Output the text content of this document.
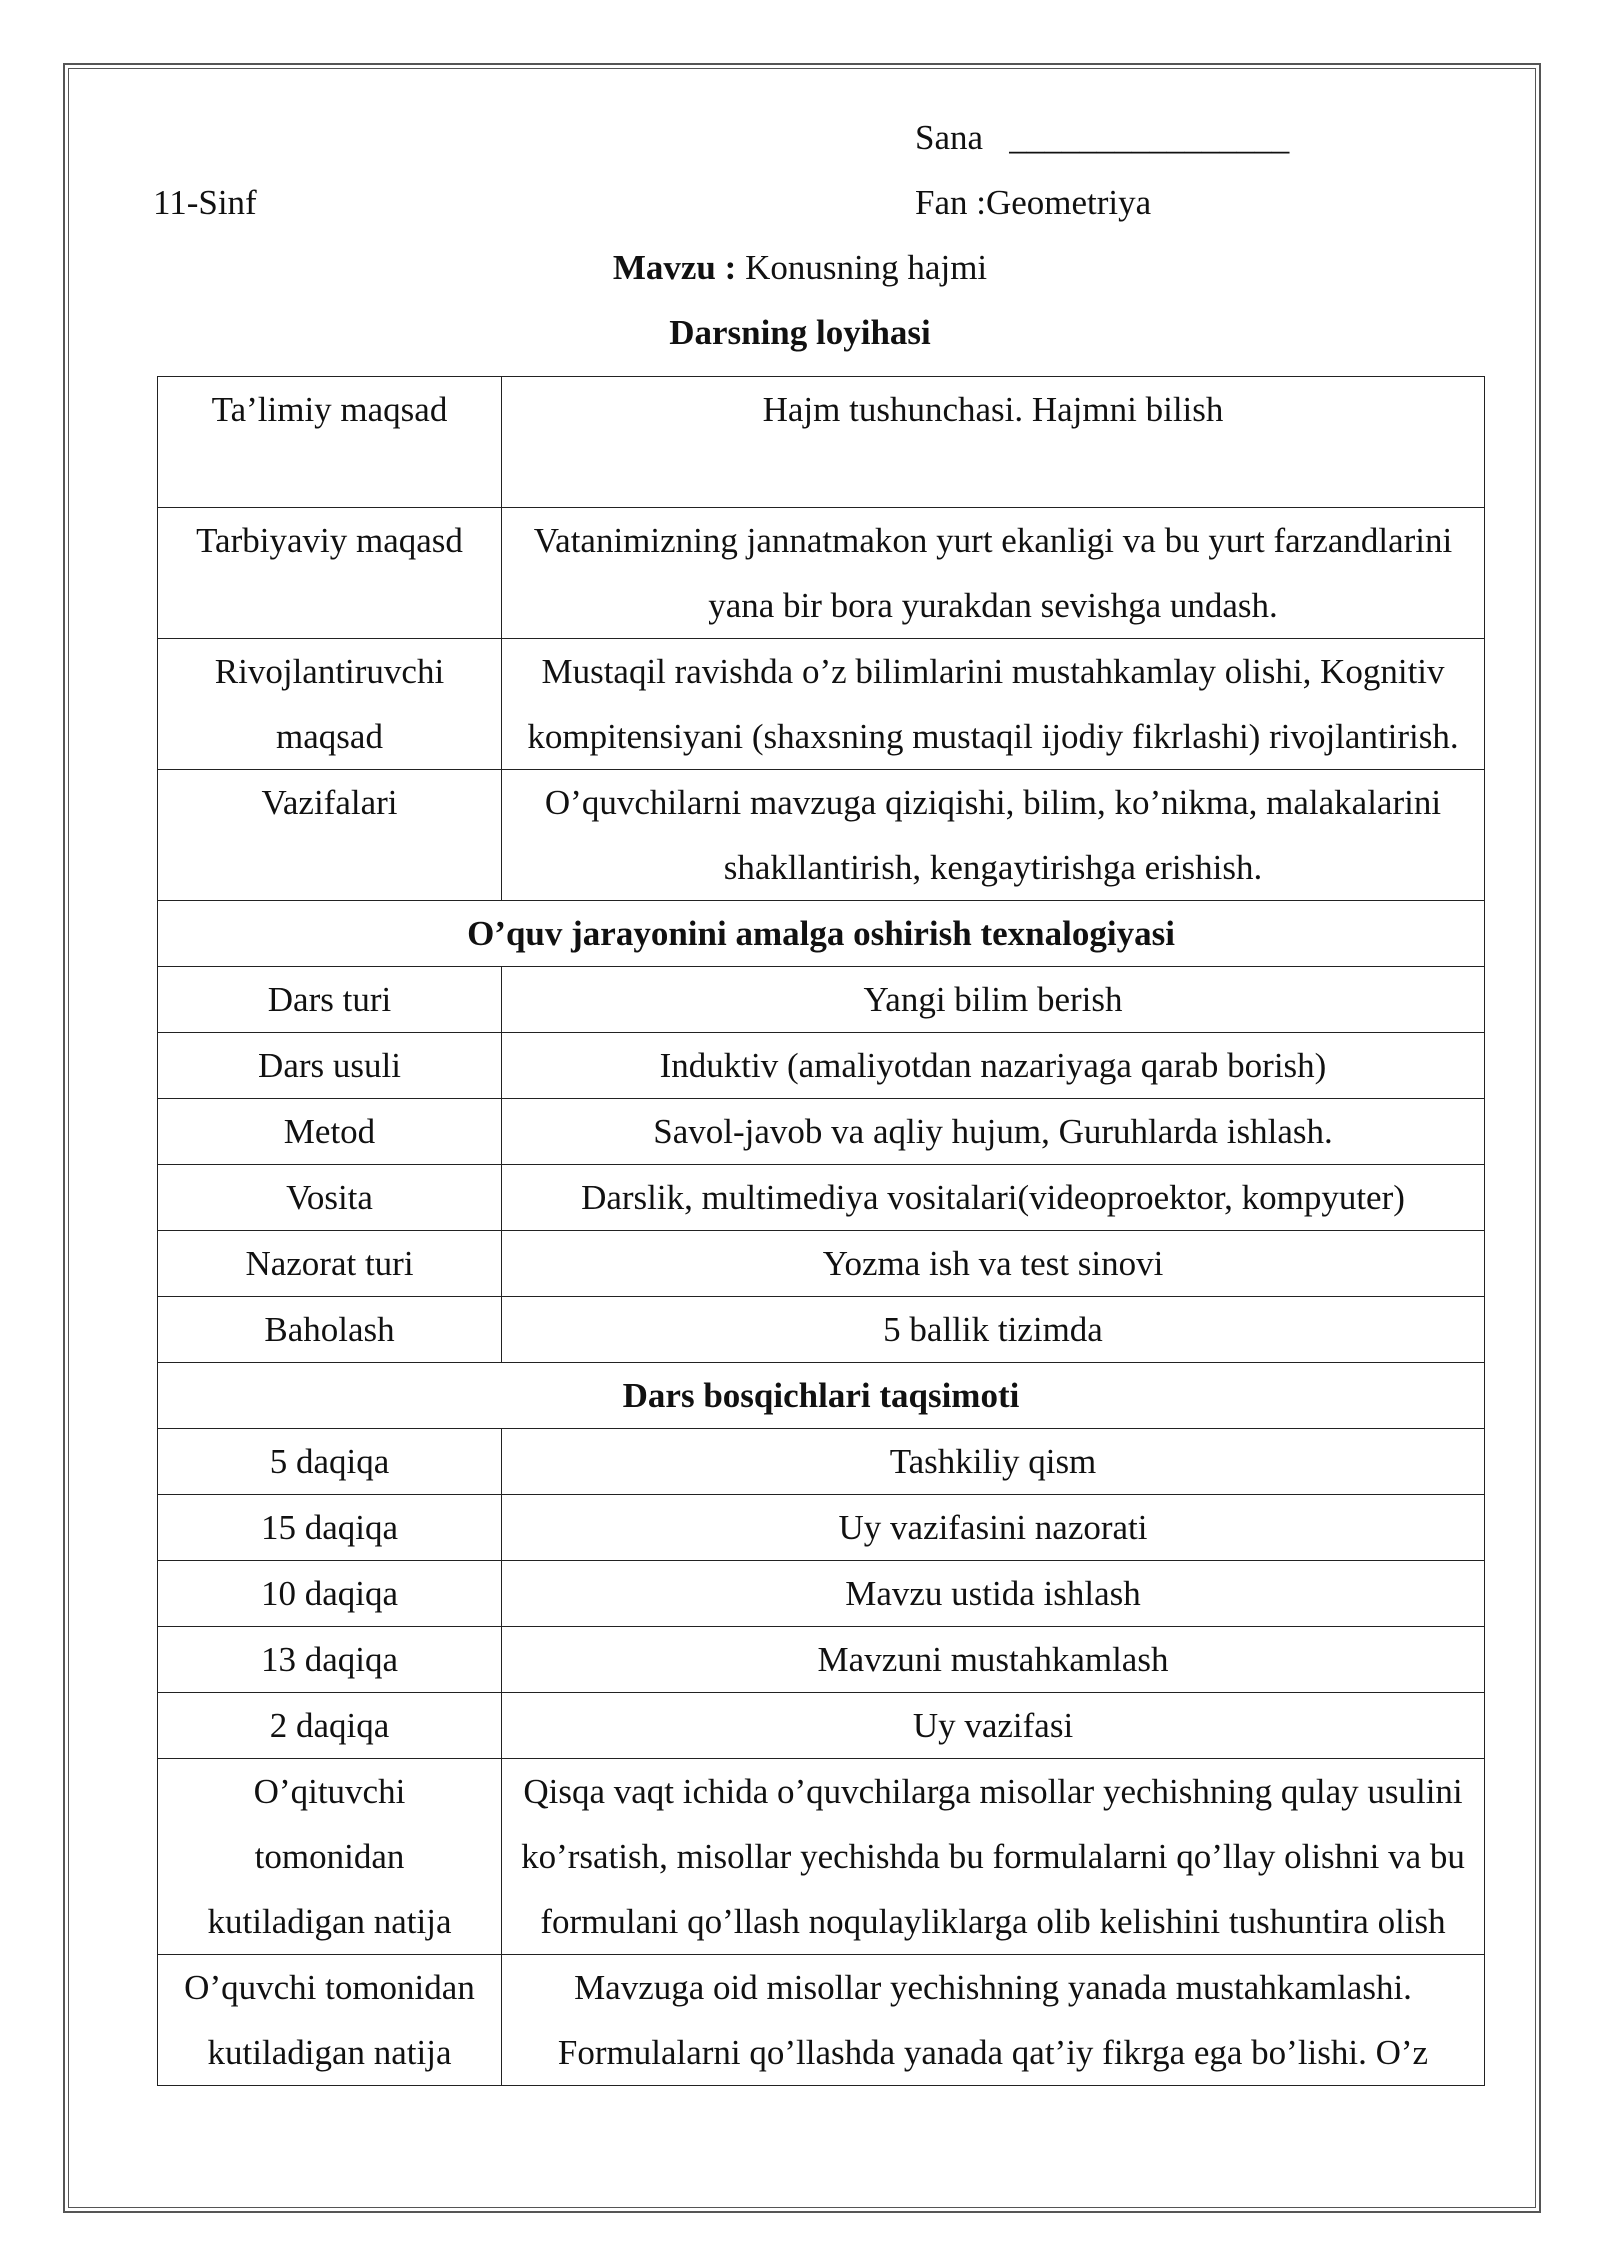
Sana ________________
11-Sinf	Fan :Geometriya
Mavzu : Konusning hajmi
Darsning loyihasi
Ta’limiy maqsad	Hajm tushunchasi. Hajmni bilish
Tarbiyaviy maqasd	Vatanimizning jannatmakon yurt ekanligi va bu yurt farzandlarini yana bir bora yurakdan sevishga undash.
Rivojlantiruvchi maqsad	Mustaqil ravishda o’z bilimlarini mustahkamlay olishi, Kognitiv kompitensiyani (shaxsning mustaqil ijodiy fikrlashi) rivojlantirish.
Vazifalari	O’quvchilarni mavzuga qiziqishi, bilim, ko’nikma, malakalarini shakllantirish, kengaytirishga erishish.
O’quv jarayonini amalga oshirish texnalogiyasi	
Dars turi	Yangi bilim berish
Dars usuli	Induktiv (amaliyotdan nazariyaga qarab borish)
Metod	Savol-javob va aqliy hujum, Guruhlarda ishlash.
Vosita	Darslik, multimediya vositalari(videoproektor, kompyuter)
Nazorat turi	Yozma ish va test sinovi
Baholash	5 ballik tizimda
Dars bosqichlari taqsimoti	
5 daqiqa	Tashkiliy qism
15 daqiqa	Uy vazifasini nazorati
10 daqiqa	Mavzu ustida ishlash
13 daqiqa	Mavzuni mustahkamlash
2 daqiqa	Uy vazifasi
O’qituvchi tomonidan kutiladigan natija	Qisqa vaqt ichida o’quvchilarga misollar yechishning qulay usulini ko’rsatish, misollar yechishda bu formulalarni qo’llay olishni va bu formulani qo’llash noqulayliklarga olib kelishini tushuntira olish
O’quvchi tomonidan kutiladigan natija	Mavzuga oid misollar yechishning yanada mustahkamlashi. Formulalarni qo’llashda yanada qat’iy fikrga ega bo’lishi. O’z
